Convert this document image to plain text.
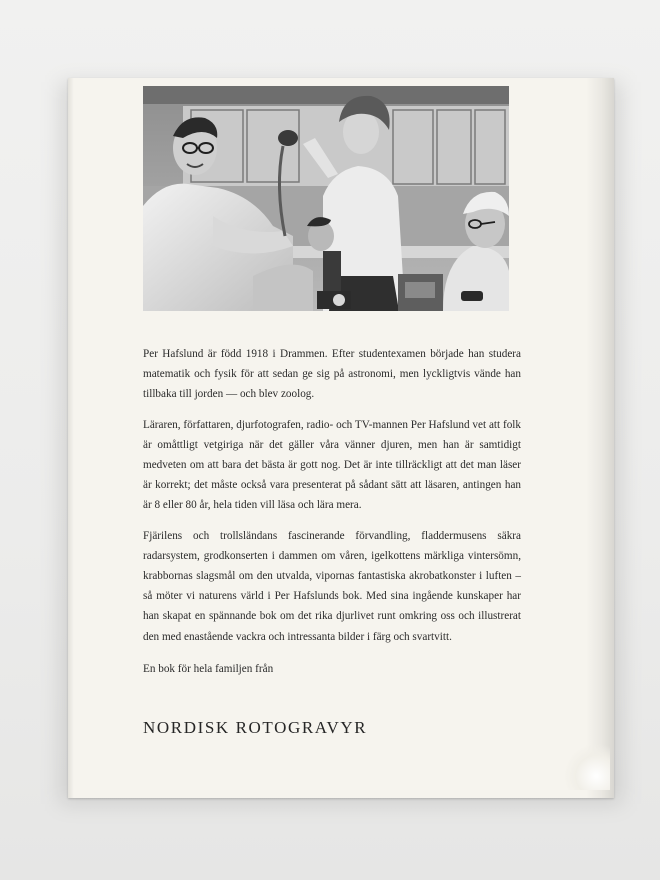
Per Hafslund är född 1918 i Drammen. Efter studentexamen började han studera matematik och fysik för att sedan ge sig på astronomi, men lyckligtvis vände han tillbaka till jorden — och blev zoolog.

Läraren, författaren, djurfotografen, radio- och TV-mannen Per Hafslund vet att folk är omåttligt vetgiriga när det gäller våra vänner djuren, men han är samtidigt medveten om att bara det bästa är gott nog. Det är inte tillräckligt att det man läser är korrekt; det måste också vara presenterat på sådant sätt att läsaren, antingen han är 8 eller 80 år, hela tiden vill läsa och lära mera.

Fjärilens och trollsländans fascinerande förvandling, fladdermusens säkra radarsystem, grodkonserten i dammen om våren, igelkottens märkliga vintersömn, krabbornas slagsmål om den utvalda, vipornas fantastiska akrobatkonster i luften – så möter vi naturens värld i Per Hafslunds bok. Med sina ingående kunskaper har han skapat en spännande bok om det rika djurlivet runt omkring oss och illustrerat den med enastående vackra och intressanta bilder i färg och svartvitt.

En bok för hela familjen från

NORDISK ROTOGRAVYR
